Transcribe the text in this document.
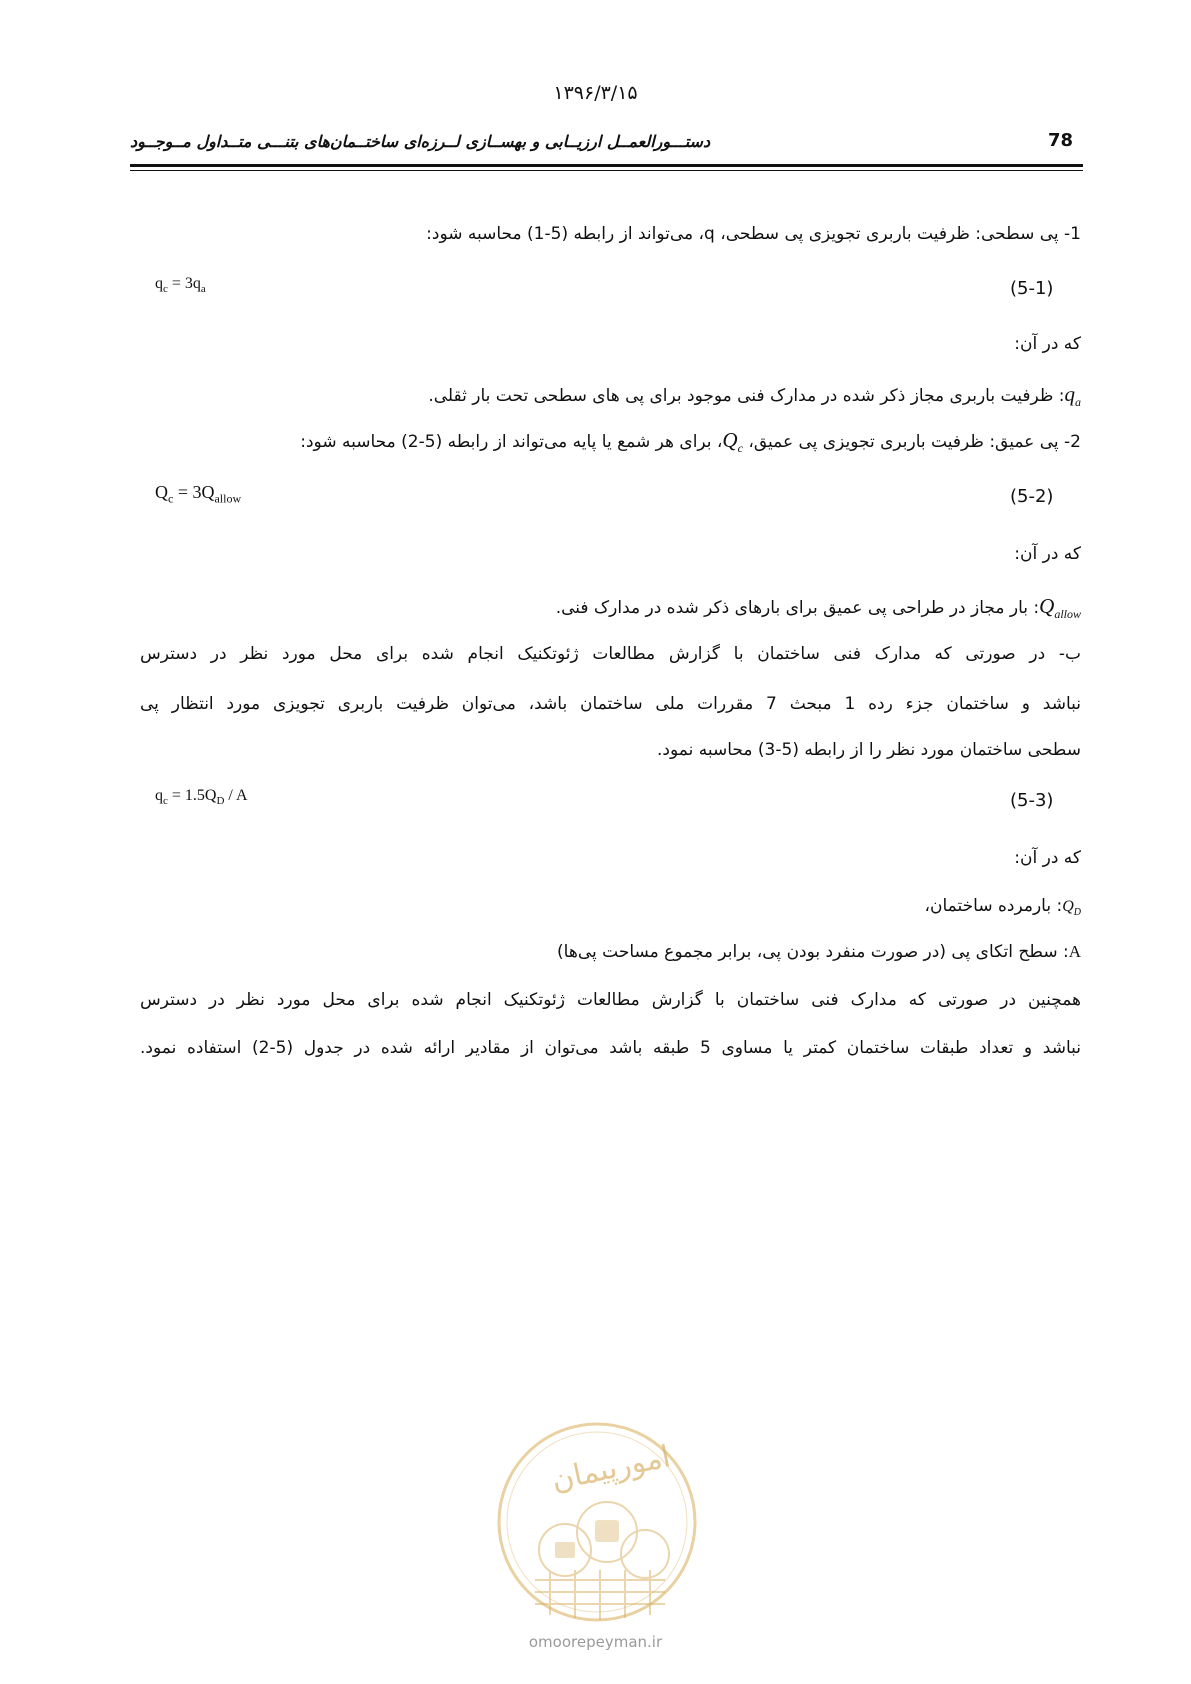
۱۳۹۶/۳/۱۵
78
دستـــورالعمــل ارزیــابی و بهســازی لــرزه‌ای ساختــمان‌های بتنـــی متــداول مــوجــود
1- پی سطحی: ظرفیت باربری تجویزی پی سطحی، q، می‌تواند از رابطه (5-1) محاسبه شود:
$q_c = 3q_a$	(5-1)
که در آن:
$q_a$: ظرفیت باربری مجاز ذکر شده در مدارک فنی موجود برای پی های سطحی تحت بار ثقلی.
2- پی عمیق: ظرفیت باربری تجویزی پی عمیق، $Q_c،$ برای هر شمع یا پایه می‌تواند از رابطه (5-2) محاسبه شود:
$Q_c = 3Q_{allow}$	(5-2)
که در آن:
$Q_{allow}$: بار مجاز در طراحی پی عمیق برای بارهای ذکر شده در مدارک فنی.
ب- در صورتی که مدارک فنی ساختمان با گزارش مطالعات ژئوتکنیک انجام شده برای محل مورد نظر در دسترس
نباشد و ساختمان جزء رده 1 مبحث 7 مقررات ملی ساختمان باشد، می‌توان ظرفیت باربری تجویزی مورد انتظار پی
سطحی ساختمان مورد نظر را از رابطه (5-3) محاسبه نمود.
$q_c = 1.5Q_D / A$	(5-3)
که در آن:
$Q_D$: بارمرده ساختمان،
A: سطح اتکای پی (در صورت منفرد بودن پی، برابر مجموع مساحت پی‌ها)
همچنین در صورتی که مدارک فنی ساختمان با گزارش مطالعات ژئوتکنیک انجام شده برای محل مورد نظر در دسترس
نباشد و تعداد طبقات ساختمان کمتر یا مساوی 5 طبقه باشد می‌توان از مقادیر ارائه شده در جدول (5-2) استفاده نمود.
امورپیمان
omoorepeyman.ir
